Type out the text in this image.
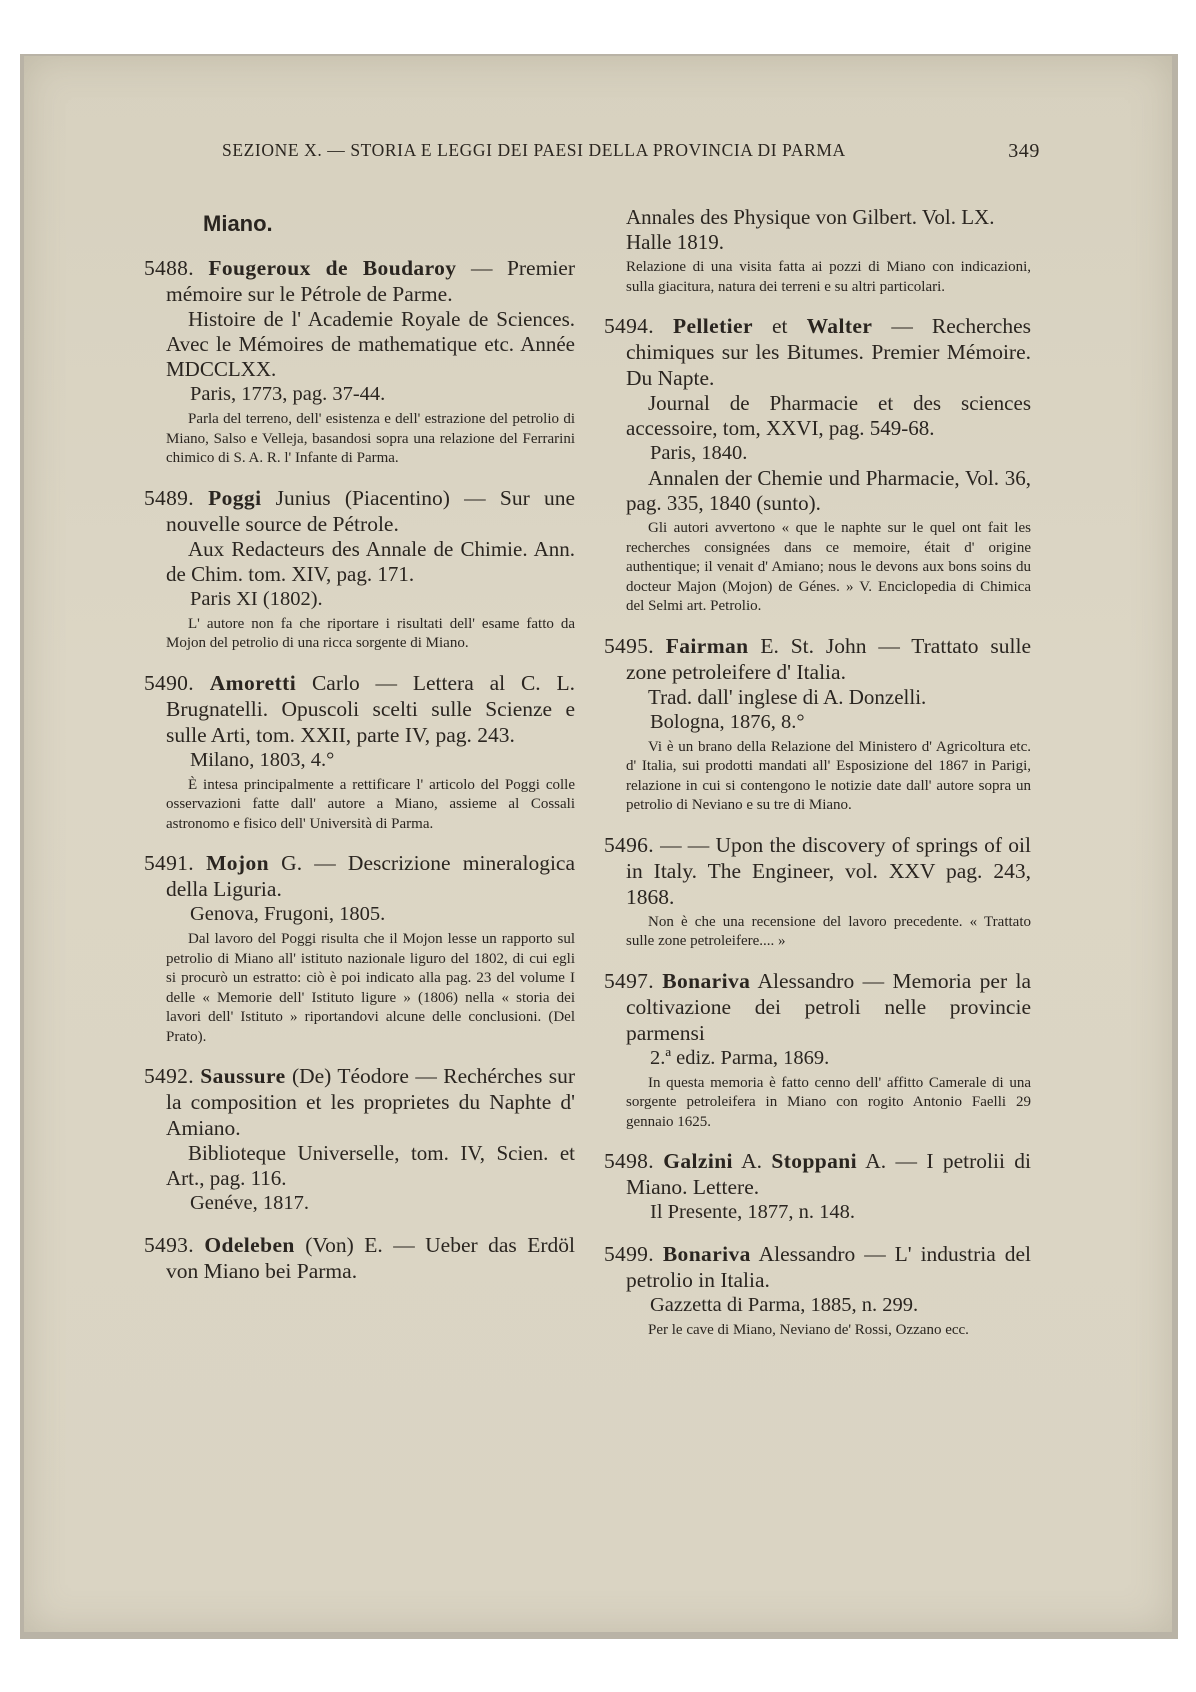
SEZIONE X. — STORIA E LEGGI DEI PAESI DELLA PROVINCIA DI PARMA	349
Miano.
5488. Fougeroux de Boudaroy — Premier mémoire sur le Pétrole de Parme.
Histoire de l' Academie Royale de Sciences. Avec le Mémoires de mathematique etc. Année MDCCLXX.
Paris, 1773, pag. 37-44.
Parla del terreno, dell' esistenza e dell' estrazione del petrolio di Miano, Salso e Velleja, basandosi sopra una relazione del Ferrarini chimico di S. A. R. l' Infante di Parma.
5489. Poggi Junius (Piacentino) — Sur une nouvelle source de Pétrole.
Aux Redacteurs des Annale de Chimie. Ann. de Chim. tom. XIV, pag. 171.
Paris XI (1802).
L' autore non fa che riportare i risultati dell' esame fatto da Mojon del petrolio di una ricca sorgente di Miano.
5490. Amoretti Carlo — Lettera al C. L. Brugnatelli. Opuscoli scelti sulle Scienze e sulle Arti, tom. XXII, parte IV, pag. 243.
Milano, 1803, 4.°
È intesa principalmente a rettificare l' articolo del Poggi colle osservazioni fatte dall' autore a Miano, assieme al Cossali astronomo e fisico dell' Università di Parma.
5491. Mojon G. — Descrizione mineralogica della Liguria.
Genova, Frugoni, 1805.
Dal lavoro del Poggi risulta che il Mojon lesse un rapporto sul petrolio di Miano all' istituto nazionale liguro del 1802, di cui egli si procurò un estratto: ciò è poi indicato alla pag. 23 del volume I delle « Memorie dell' Istituto ligure » (1806) nella « storia dei lavori dell' Istituto » riportandovi alcune delle conclusioni. (Del Prato).
5492. Saussure (De) Téodore — Rechérches sur la composition et les proprietes du Naphte d' Amiano.
Biblioteque Universelle, tom. IV, Scien. et Art., pag. 116.
Genéve, 1817.
5493. Odeleben (Von) E. — Ueber das Erdöl von Miano bei Parma.
Annales des Physique von Gilbert. Vol. LX. Halle 1819.
Relazione di una visita fatta ai pozzi di Miano con indicazioni, sulla giacitura, natura dei terreni e su altri particolari.
5494. Pelletier et Walter — Recherches chimiques sur les Bitumes. Premier Mémoire. Du Napte.
Journal de Pharmacie et des sciences accessoire, tom, XXVI, pag. 549-68.
Paris, 1840.
Annalen der Chemie und Pharmacie, Vol. 36, pag. 335, 1840 (sunto).
Gli autori avvertono « que le naphte sur le quel ont fait les recherches consignées dans ce memoire, était d' origine authentique; il venait d' Amiano; nous le devons aux bons soins du docteur Majon (Mojon) de Génes. » V. Enciclopedia di Chimica del Selmi art. Petrolio.
5495. Fairman E. St. John — Trattato sulle zone petroleifere d' Italia.
Trad. dall' inglese di A. Donzelli.
Bologna, 1876, 8.°
Vi è un brano della Relazione del Ministero d' Agricoltura etc. d' Italia, sui prodotti mandati all' Esposizione del 1867 in Parigi, relazione in cui si contengono le notizie date dall' autore sopra un petrolio di Neviano e su tre di Miano.
5496. — — Upon the discovery of springs of oil in Italy. The Engineer, vol. XXV pag. 243, 1868.
Non è che una recensione del lavoro precedente. « Trattato sulle zone petroleifere.... »
5497. Bonariva Alessandro — Memoria per la coltivazione dei petroli nelle provincie parmensi
2.ª ediz. Parma, 1869.
In questa memoria è fatto cenno dell' affitto Camerale di una sorgente petroleifera in Miano con rogito Antonio Faelli 29 gennaio 1625.
5498. Galzini A. Stoppani A. — I petrolii di Miano. Lettere.
Il Presente, 1877, n. 148.
5499. Bonariva Alessandro — L' industria del petrolio in Italia.
Gazzetta di Parma, 1885, n. 299.
Per le cave di Miano, Neviano de' Rossi, Ozzano ecc.
